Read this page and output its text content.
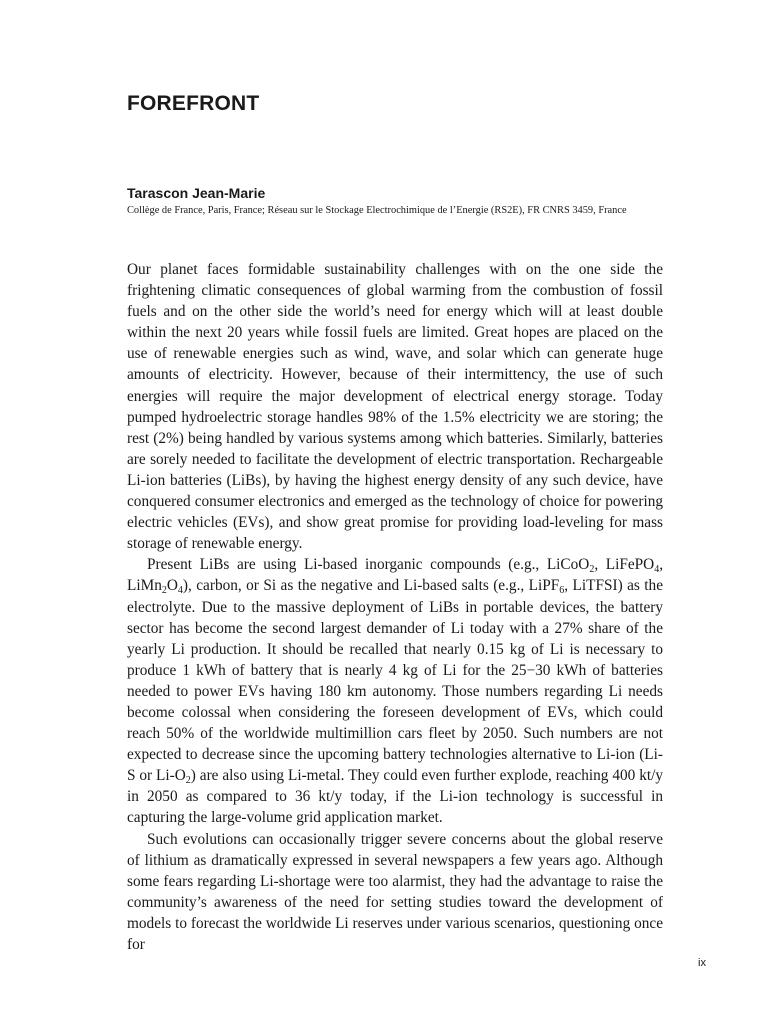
FOREFRONT

Tarascon Jean-Marie

Collège de France, Paris, France; Réseau sur le Stockage Electrochimique de l’Energie (RS2E), FR CNRS 3459, France

Our planet faces formidable sustainability challenges with on the one side the frightening climatic consequences of global warming from the combustion of fossil fuels and on the other side the world’s need for energy which will at least double within the next 20 years while fossil fuels are limited. Great hopes are placed on the use of renewable energies such as wind, wave, and solar which can generate huge amounts of electricity. However, because of their intermittency, the use of such energies will require the major development of electrical energy storage. Today pumped hydroelectric storage handles 98% of the 1.5% electricity we are storing; the rest (2%) being handled by various systems among which batteries. Similarly, batteries are sorely needed to facilitate the development of electric transportation. Rechargeable Li-ion batteries (LiBs), by having the highest energy density of any such device, have conquered consumer electronics and emerged as the technology of choice for powering electric vehicles (EVs), and show great promise for providing load-leveling for mass storage of renewable energy.

Present LiBs are using Li-based inorganic compounds (e.g., LiCoO$_2$, LiFePO$_4$, $LiMn_2O_4$), carbon, or Si as the negative and Li-based salts (e.g., LiPF$_6$, LiTFSI) as the electrolyte. Due to the massive deployment of LiBs in portable devices, the battery sector has become the second largest demander of Li today with a 27% share of the yearly Li production. It should be recalled that nearly 0.15 kg of Li is necessary to produce 1 kWh of battery that is nearly 4 kg of Li for the 25−30 kWh of batteries needed to power EVs having 180 km autonomy. Those numbers regarding Li needs become colossal when considering the foreseen development of EVs, which could reach 50% of the worldwide multimillion cars fleet by 2050. Such numbers are not expected to decrease since the upcoming battery technologies alternative to Li-ion (Li-S or $Li-O_2$) are also using Li-metal. They could even further explode, reaching 400 kt/y in 2050 as compared to 36 kt/y today, if the Li-ion technology is successful in capturing the large-volume grid application market.

Such evolutions can occasionally trigger severe concerns about the global reserve of lithium as dramatically expressed in several newspapers a few years ago. Although some fears regarding Li-shortage were too alarmist, they had the advantage to raise the community’s awareness of the need for setting studies toward the development of models to forecast the worldwide Li reserves under various scenarios, questioning once for

ix
